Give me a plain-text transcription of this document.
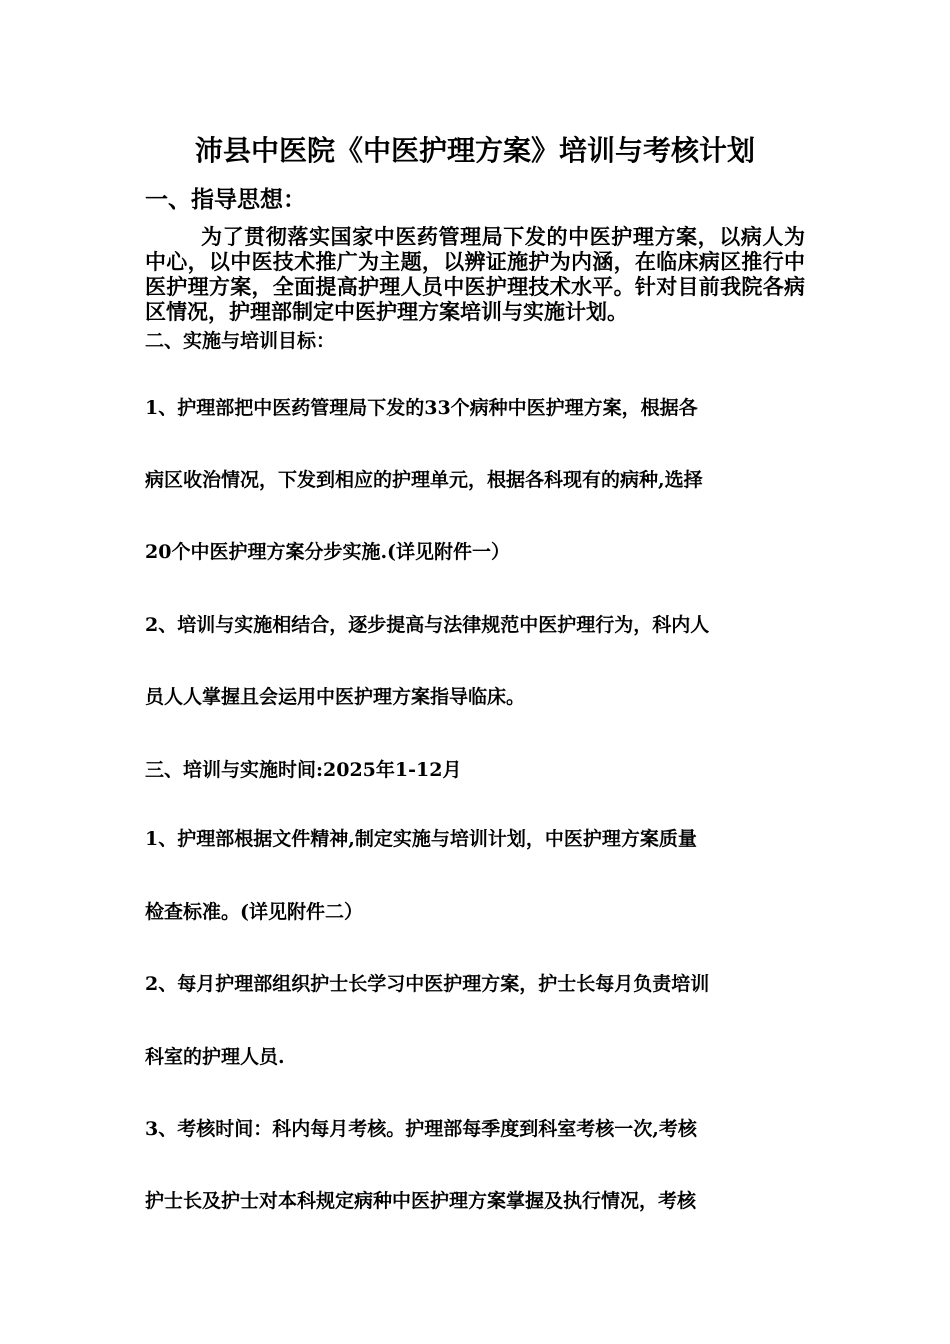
沛县中医院《中医护理方案》培训与考核计划
一、指导思想：
为了贯彻落实国家中医药管理局下发的中医护理方案，以病人为中心，以中医技术推广为主题，以辨证施护为内涵，在临床病区推行中医护理方案，全面提高护理人员中医护理技术水平。针对目前我院各病区情况，护理部制定中医护理方案培训与实施计划。
二、实施与培训目标：
1、护理部把中医药管理局下发的33个病种中医护理方案，根据各
病区收治情况，下发到相应的护理单元，根据各科现有的病种,选择
20个中医护理方案分步实施.(详见附件一）
2、培训与实施相结合，逐步提高与法律规范中医护理行为，科内人
员人人掌握且会运用中医护理方案指导临床。
三、培训与实施时间:2025年1-12月
1、护理部根据文件精神,制定实施与培训计划，中医护理方案质量
检查标准。(详见附件二）
2、每月护理部组织护士长学习中医护理方案，护士长每月负责培训
科室的护理人员.
3、考核时间：科内每月考核。护理部每季度到科室考核一次,考核
护士长及护士对本科规定病种中医护理方案掌握及执行情况，考核
